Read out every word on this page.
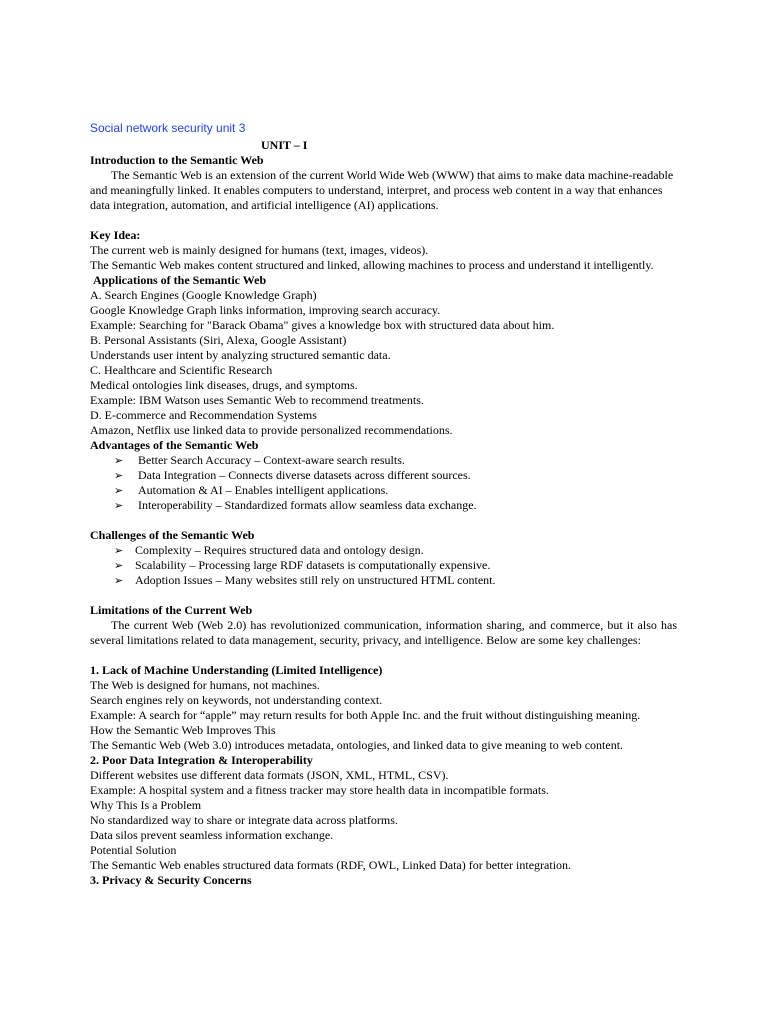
Social network security unit 3

UNIT – I

Introduction to the Semantic Web

The Semantic Web is an extension of the current World Wide Web (WWW) that aims to make data machine-readable and meaningfully linked. It enables computers to understand, interpret, and process web content in a way that enhances data integration, automation, and artificial intelligence (AI) applications.

Key Idea:

The current web is mainly designed for humans (text, images, videos).

The Semantic Web makes content structured and linked, allowing machines to process and understand it intelligently.

Applications of the Semantic Web

A. Search Engines (Google Knowledge Graph)

Google Knowledge Graph links information, improving search accuracy.

Example: Searching for "Barack Obama" gives a knowledge box with structured data about him.

B. Personal Assistants (Siri, Alexa, Google Assistant)

Understands user intent by analyzing structured semantic data.

C. Healthcare and Scientific Research

Medical ontologies link diseases, drugs, and symptoms.

Example: IBM Watson uses Semantic Web to recommend treatments.

D. E-commerce and Recommendation Systems

Amazon, Netflix use linked data to provide personalized recommendations.

Advantages of the Semantic Web

➢ Better Search Accuracy – Context-aware search results.
➢ Data Integration – Connects diverse datasets across different sources.
➢ Automation & AI – Enables intelligent applications.
➢ Interoperability – Standardized formats allow seamless data exchange.

Challenges of the Semantic Web

➢ Complexity – Requires structured data and ontology design.
➢ Scalability – Processing large RDF datasets is computationally expensive.
➢ Adoption Issues – Many websites still rely on unstructured HTML content.

Limitations of the Current Web

The current Web (Web 2.0) has revolutionized communication, information sharing, and commerce, but it also has several limitations related to data management, security, privacy, and intelligence. Below are some key challenges:

1. Lack of Machine Understanding (Limited Intelligence)

The Web is designed for humans, not machines.

Search engines rely on keywords, not understanding context.

Example: A search for “apple” may return results for both Apple Inc. and the fruit without distinguishing meaning.

How the Semantic Web Improves This

The Semantic Web (Web 3.0) introduces metadata, ontologies, and linked data to give meaning to web content.

2. Poor Data Integration & Interoperability

Different websites use different data formats (JSON, XML, HTML, CSV).

Example: A hospital system and a fitness tracker may store health data in incompatible formats.

Why This Is a Problem

No standardized way to share or integrate data across platforms.

Data silos prevent seamless information exchange.

Potential Solution

The Semantic Web enables structured data formats (RDF, OWL, Linked Data) for better integration.

3. Privacy & Security Concerns
